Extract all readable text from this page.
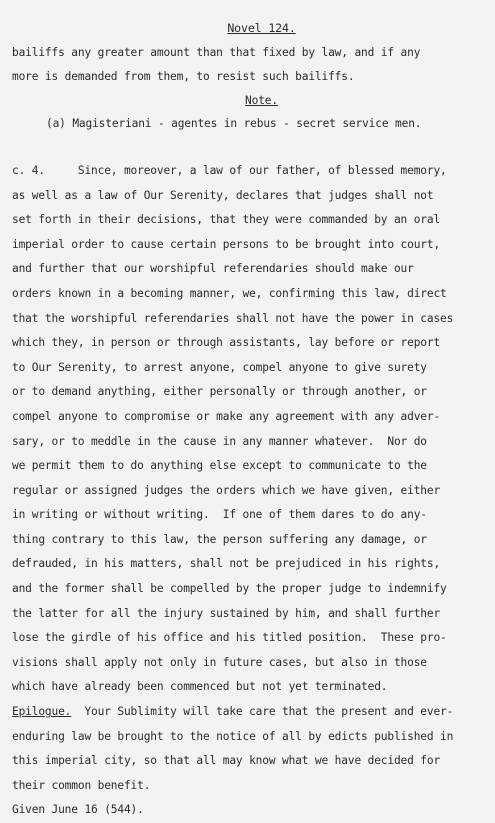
Novel 124.
bailiffs any greater amount than that fixed by law, and if any
more is demanded from them, to resist such bailiffs.
Note.
(a) Magisteriani - agentes in rebus - secret service men.
c. 4.     Since, moreover, a law of our father, of blessed memory,
as well as a law of Our Serenity, declares that judges shall not
set forth in their decisions, that they were commanded by an oral
imperial order to cause certain persons to be brought into court,
and further that our worshipful referendaries should make our
orders known in a becoming manner, we, confirming this law, direct
that the worshipful referendaries shall not have the power in cases
which they, in person or through assistants, lay before or report
to Our Serenity, to arrest anyone, compel anyone to give surety
or to demand anything, either personally or through another, or
compel anyone to compromise or make any agreement with any adver-
sary, or to meddle in the cause in any manner whatever.  Nor do
we permit them to do anything else except to communicate to the
regular or assigned judges the orders which we have given, either
in writing or without writing.  If one of them dares to do any-
thing contrary to this law, the person suffering any damage, or
defrauded, in his matters, shall not be prejudiced in his rights,
and the former shall be compelled by the proper judge to indemnify
the latter for all the injury sustained by him, and shall further
lose the girdle of his office and his titled position.  These pro-
visions shall apply not only in future cases, but also in those
which have already been commenced but not yet terminated.
Epilogue.  Your Sublimity will take care that the present and ever-
enduring law be brought to the notice of all by edicts published in
this imperial city, so that all may know what we have decided for
their common benefit.
Given June 16 (544).
